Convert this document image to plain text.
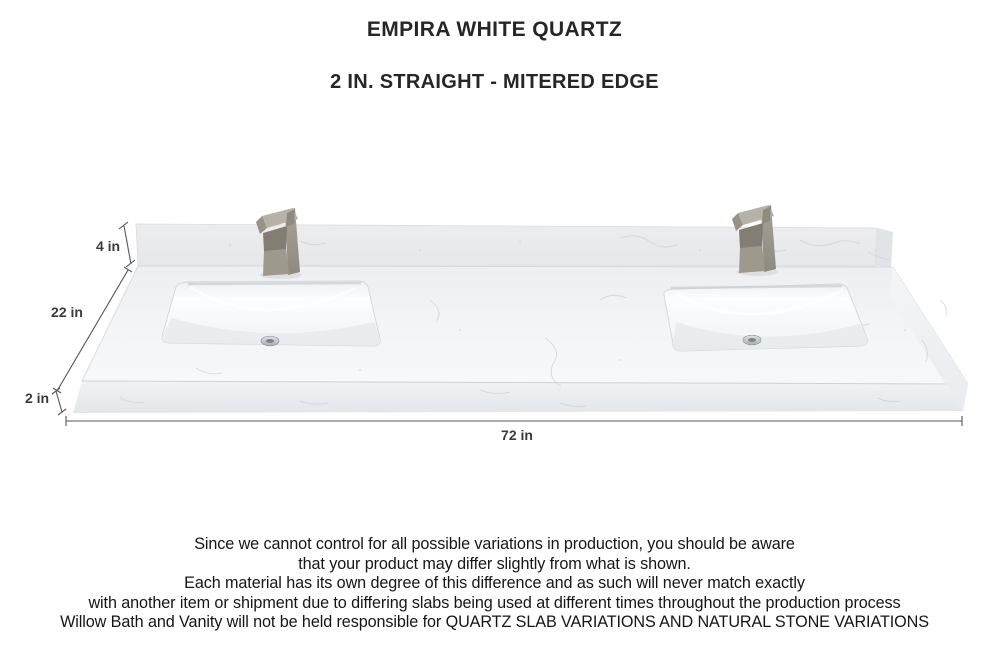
EMPIRA WHITE QUARTZ
2 IN. STRAIGHT - MITERED EDGE
4 in
22 in
2 in
72 in
Since we cannot control for all possible variations in production, you should be aware
that your product may differ slightly from what is shown.
Each material has its own degree of this difference and as such will never match exactly
with another item or shipment due to differing slabs being used at different times throughout the production process
Willow Bath and Vanity will not be held responsible for QUARTZ SLAB VARIATIONS AND NATURAL STONE VARIATIONS
